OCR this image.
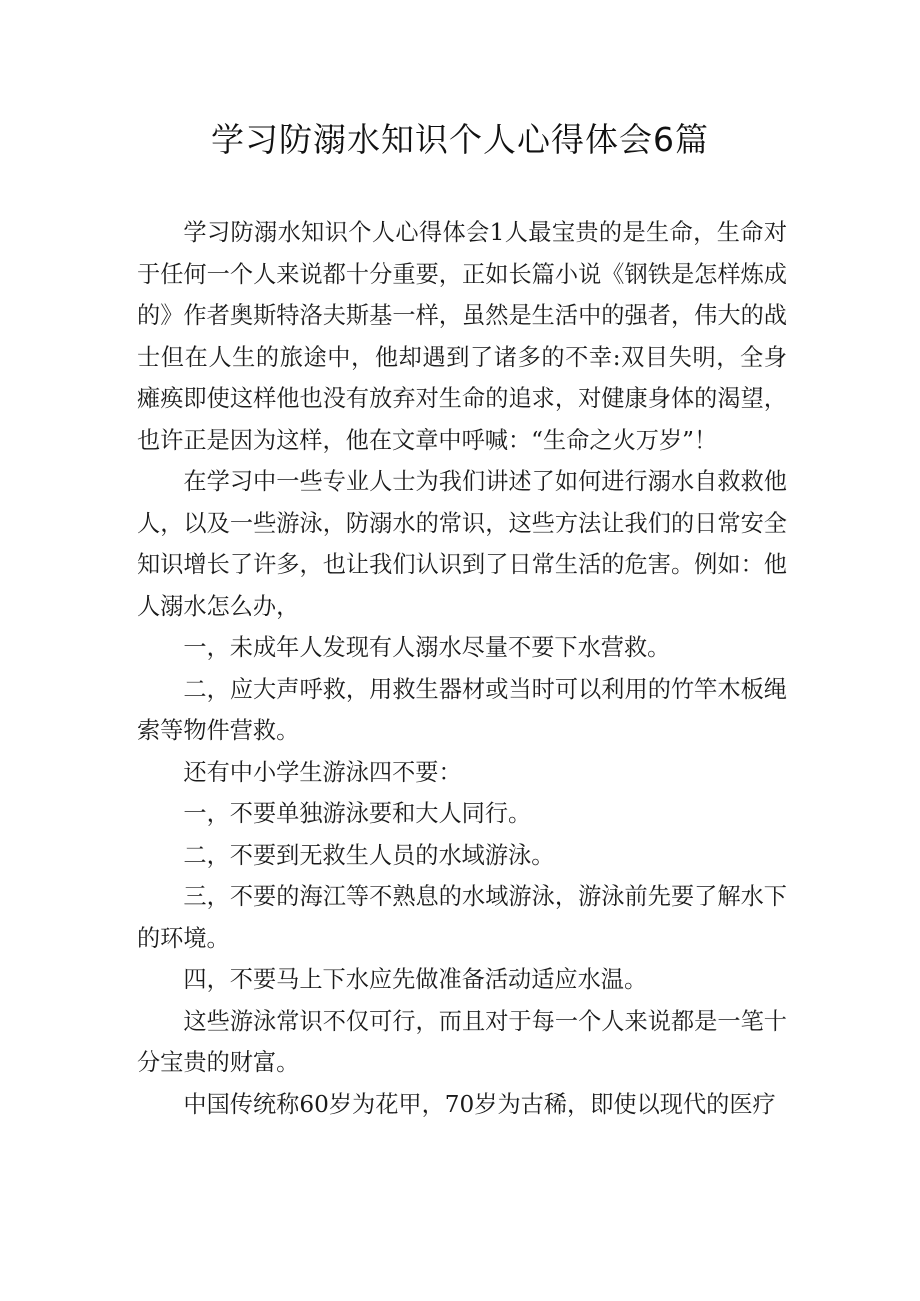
学习防溺水知识个人心得体会6篇

学习防溺水知识个人心得体会1人最宝贵的是生命，生命对于任何一个人来说都十分重要，正如长篇小说《钢铁是怎样炼成的》作者奥斯特洛夫斯基一样，虽然是生活中的强者，伟大的战士但在人生的旅途中，他却遇到了诸多的不幸:双目失明，全身瘫痪即使这样他也没有放弃对生命的追求，对健康身体的渴望，也许正是因为这样，他在文章中呼喊：“生命之火万岁”！

在学习中一些专业人士为我们讲述了如何进行溺水自救救他人，以及一些游泳，防溺水的常识，这些方法让我们的日常安全知识增长了许多，也让我们认识到了日常生活的危害。例如：他人溺水怎么办，

一，未成年人发现有人溺水尽量不要下水营救。

二，应大声呼救，用救生器材或当时可以利用的竹竿木板绳索等物件营救。

还有中小学生游泳四不要：

一，不要单独游泳要和大人同行。

二，不要到无救生人员的水域游泳。

三，不要的海江等不熟息的水域游泳，游泳前先要了解水下的环境。

四，不要马上下水应先做准备活动适应水温。

这些游泳常识不仅可行，而且对于每一个人来说都是一笔十分宝贵的财富。

中国传统称60岁为花甲，70岁为古稀，即使以现代的医疗
